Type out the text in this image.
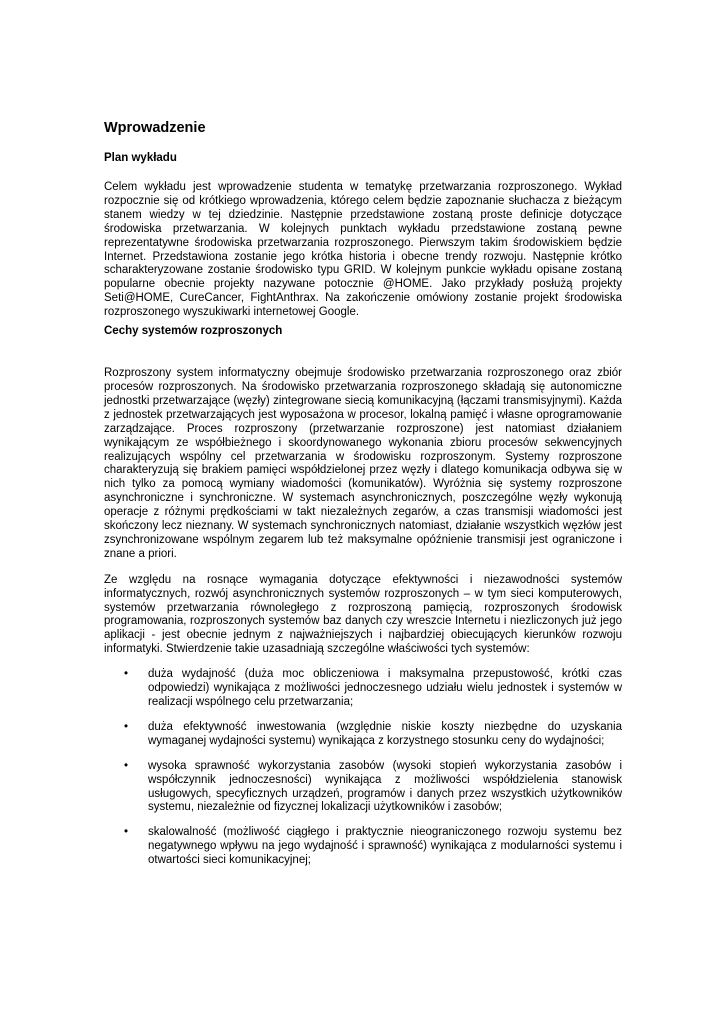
Wprowadzenie
Plan wykładu

Celem wykładu jest wprowadzenie studenta w tematykę przetwarzania rozproszonego. Wykład rozpocznie się od krótkiego wprowadzenia, którego celem będzie zapoznanie słuchacza z bieżącym stanem wiedzy w tej dziedzinie. Następnie przedstawione zostaną proste definicje dotyczące środowiska przetwarzania. W kolejnych punktach wykładu przedstawione zostaną pewne reprezentatywne środowiska przetwarzania rozproszonego. Pierwszym takim środowiskiem będzie Internet. Przedstawiona zostanie jego krótka historia i obecne trendy rozwoju. Następnie krótko scharakteryzowane zostanie środowisko typu GRID. W kolejnym punkcie wykładu opisane zostaną popularne obecnie projekty nazywane potocznie @HOME. Jako przykłady posłużą projekty Seti@HOME, CureCancer, FightAnthrax. Na zakończenie omówiony zostanie projekt środowiska rozproszonego wyszukiwarki internetowej Google.

Cechy systemów rozproszonych

Rozproszony system informatyczny obejmuje środowisko przetwarzania rozproszonego oraz zbiór procesów rozproszonych. Na środowisko przetwarzania rozproszonego składają się autonomiczne jednostki przetwarzające (węzły) zintegrowane siecią komunikacyjną (łączami transmisyjnymi). Każda z jednostek przetwarzających jest wyposażona w procesor, lokalną pamięć i własne oprogramowanie zarządzające. Proces rozproszony (przetwarzanie rozproszone) jest natomiast działaniem wynikającym ze współbieżnego i skoordynowanego wykonania zbioru procesów sekwencyjnych realizujących wspólny cel przetwarzania w środowisku rozproszonym. Systemy rozproszone charakteryzują się brakiem pamięci współdzielonej przez węzły i dlatego komunikacja odbywa się w nich tylko za pomocą wymiany wiadomości (komunikatów). Wyróżnia się systemy rozproszone asynchroniczne i synchroniczne. W systemach asynchronicznych, poszczególne węzły wykonują operacje z różnymi prędkościami w takt niezależnych zegarów, a czas transmisji wiadomości jest skończony lecz nieznany. W systemach synchronicznych natomiast, działanie wszystkich węzłów jest zsynchronizowane wspólnym zegarem lub też maksymalne opóźnienie transmisji jest ograniczone i znane a priori.

Ze względu na rosnące wymagania dotyczące efektywności i niezawodności systemów informatycznych, rozwój asynchronicznych systemów rozproszonych – w tym sieci komputerowych, systemów przetwarzania równoległego z rozproszoną pamięcią, rozproszonych środowisk programowania, rozproszonych systemów baz danych czy wreszcie Internetu i niezliczonych już jego aplikacji - jest obecnie jednym z najważniejszych i najbardziej obiecujących kierunków rozwoju informatyki. Stwierdzenie takie uzasadniają szczególne właściwości tych systemów:

• duża wydajność (duża moc obliczeniowa i maksymalna przepustowość, krótki czas odpowiedzi) wynikająca z możliwości jednoczesnego udziału wielu jednostek i systemów w realizacji wspólnego celu przetwarzania;

• duża efektywność inwestowania (względnie niskie koszty niezbędne do uzyskania wymaganej wydajności systemu) wynikająca z korzystnego stosunku ceny do wydajności;

• wysoka sprawność wykorzystania zasobów (wysoki stopień wykorzystania zasobów i współczynnik jednoczesności) wynikająca z możliwości współdzielenia stanowisk usługowych, specyficznych urządzeń, programów i danych przez wszystkich użytkowników systemu, niezależnie od fizycznej lokalizacji użytkowników i zasobów;

• skalowalność (możliwość ciągłego i praktycznie nieograniczonego rozwoju systemu bez negatywnego wpływu na jego wydajność i sprawność) wynikająca z modularności systemu i otwartości sieci komunikacyjnej;
